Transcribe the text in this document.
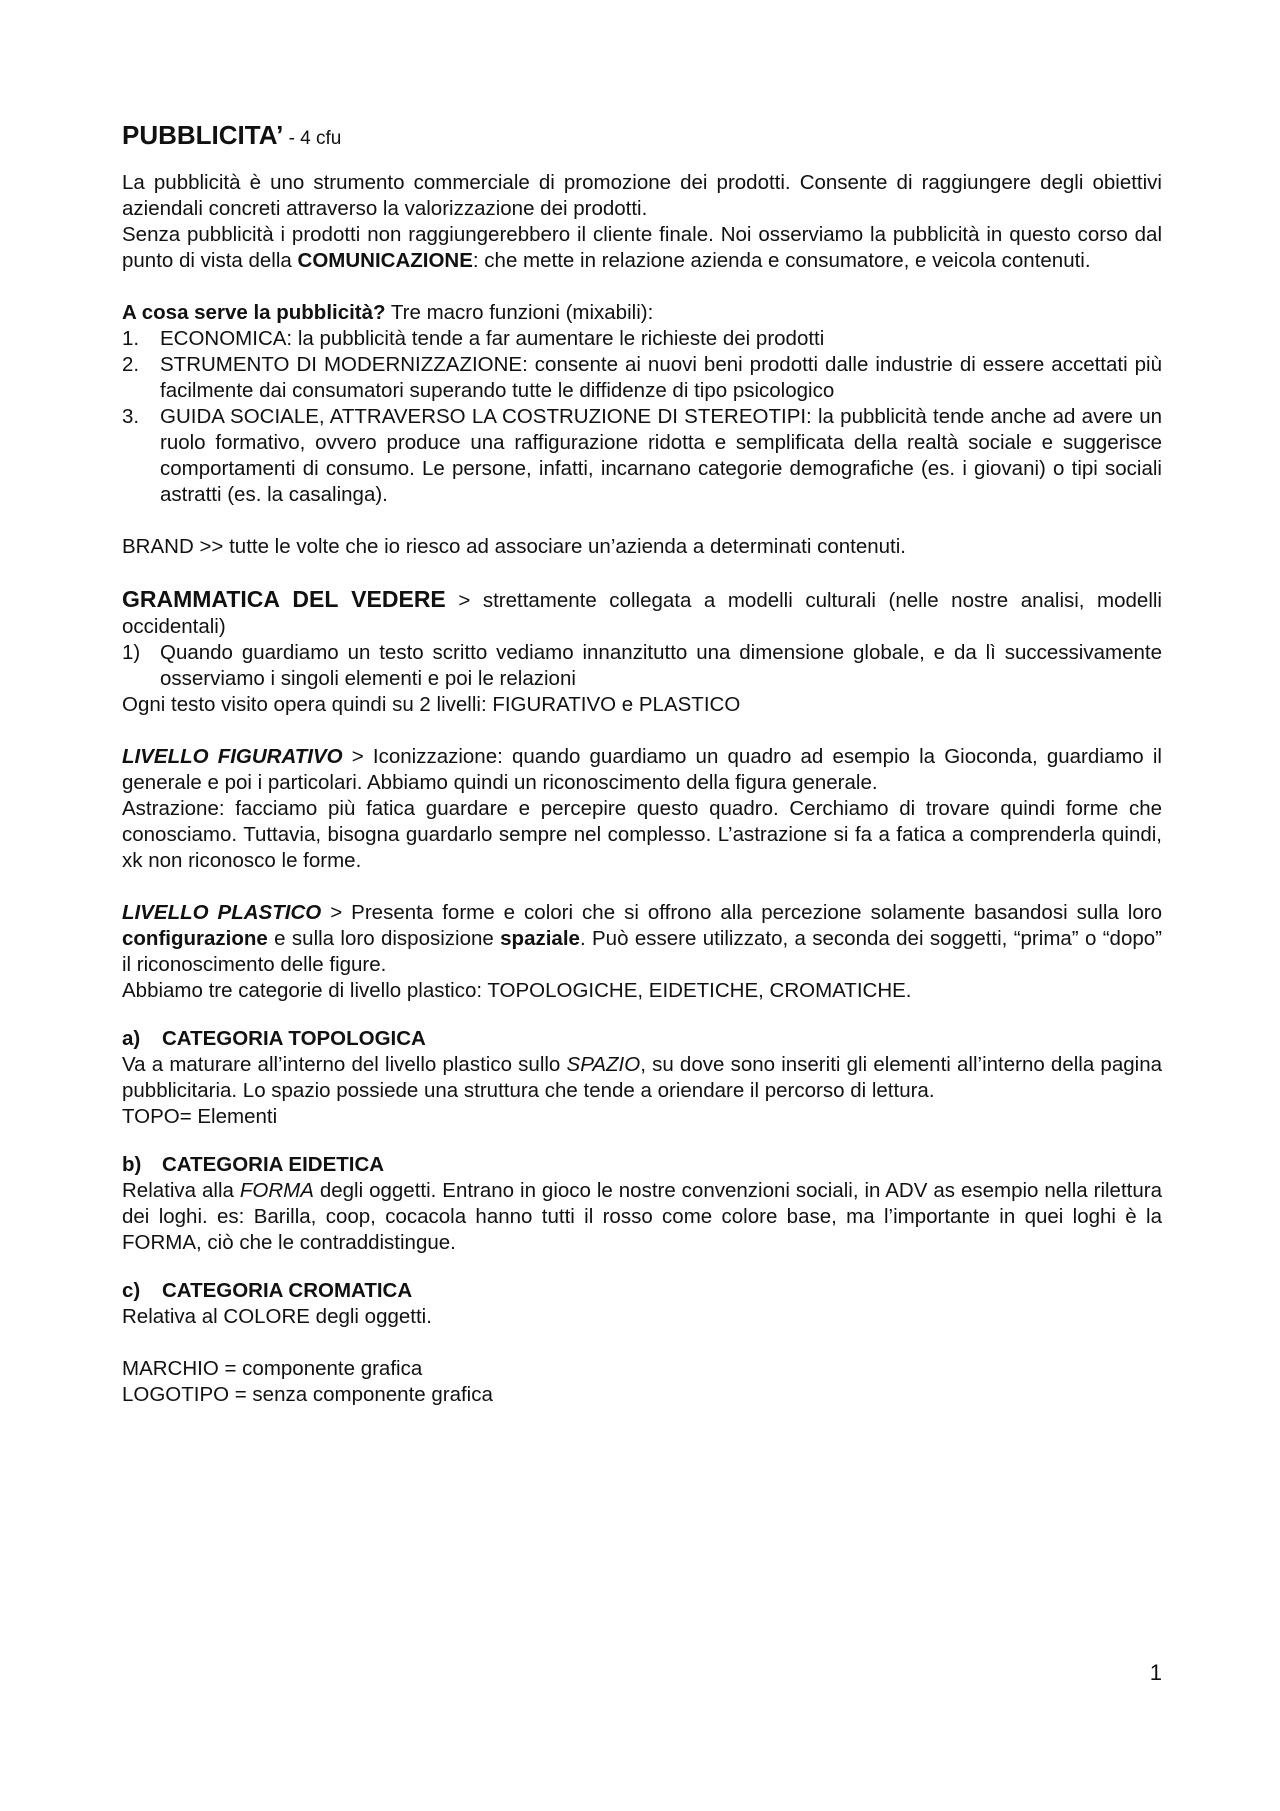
PUBBLICITA’ - 4 cfu

La pubblicità è uno strumento commerciale di promozione dei prodotti. Consente di raggiungere degli obiettivi aziendali concreti attraverso la valorizzazione dei prodotti.

Senza pubblicità i prodotti non raggiungerebbero il cliente finale. Noi osserviamo la pubblicità in questo corso dal punto di vista della COMUNICAZIONE: che mette in relazione azienda e consumatore, e veicola contenuti.

A cosa serve la pubblicità? Tre macro funzioni (mixabili):

1. ECONOMICA: la pubblicità tende a far aumentare le richieste dei prodotti
2. STRUMENTO DI MODERNIZZAZIONE: consente ai nuovi beni prodotti dalle industrie di essere accettati più facilmente dai consumatori superando tutte le diffidenze di tipo psicologico
3. GUIDA SOCIALE, ATTRAVERSO LA COSTRUZIONE DI STEREOTIPI: la pubblicità tende anche ad avere un ruolo formativo, ovvero produce una raffigurazione ridotta e semplificata della realtà sociale e suggerisce comportamenti di consumo. Le persone, infatti, incarnano categorie demografiche (es. i giovani) o tipi sociali astratti (es. la casalinga).

BRAND >> tutte le volte che io riesco ad associare un’azienda a determinati contenuti.

GRAMMATICA DEL VEDERE > strettamente collegata a modelli culturali (nelle nostre analisi, modelli occidentali)

1) Quando guardiamo un testo scritto vediamo innanzitutto una dimensione globale, e da lì successivamente osserviamo i singoli elementi e poi le relazioni

Ogni testo visito opera quindi su 2 livelli: FIGURATIVO e PLASTICO

LIVELLO FIGURATIVO > Iconizzazione: quando guardiamo un quadro ad esempio la Gioconda, guardiamo il generale e poi i particolari. Abbiamo quindi un riconoscimento della figura generale.

Astrazione: facciamo più fatica guardare e percepire questo quadro. Cerchiamo di trovare quindi forme che conosciamo. Tuttavia, bisogna guardarlo sempre nel complesso. L’astrazione si fa a fatica a comprenderla quindi, xk non riconosco le forme.

LIVELLO PLASTICO > Presenta forme e colori che si offrono alla percezione solamente basandosi sulla loro configurazione e sulla loro disposizione spaziale. Può essere utilizzato, a seconda dei soggetti, “prima” o “dopo” il riconoscimento delle figure.

Abbiamo tre categorie di livello plastico: TOPOLOGICHE, EIDETICHE, CROMATICHE.

a) CATEGORIA TOPOLOGICA

Va a maturare all’interno del livello plastico sullo SPAZIO, su dove sono inseriti gli elementi all’interno della pagina pubblicitaria. Lo spazio possiede una struttura che tende a oriendare il percorso di lettura.

TOPO= Elementi

b) CATEGORIA EIDETICA

Relativa alla FORMA degli oggetti. Entrano in gioco le nostre convenzioni sociali, in ADV as esempio nella rilettura dei loghi. es: Barilla, coop, cocacola hanno tutti il rosso come colore base, ma l’importante in quei loghi è la FORMA, ciò che le contraddistingue.

c) CATEGORIA CROMATICA

Relativa al COLORE degli oggetti.

MARCHIO = componente grafica

LOGOTIPO = senza componente grafica

1
